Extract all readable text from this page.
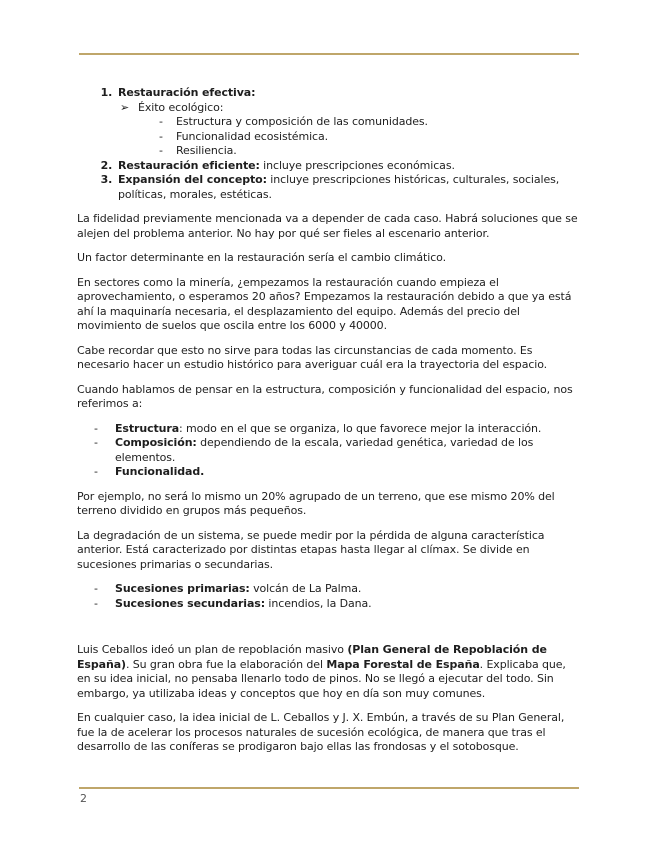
1. Restauración efectiva:
➢ Éxito ecológico:
- Estructura y composición de las comunidades.
- Funcionalidad ecosistémica.
- Resiliencia.
2. Restauración eficiente: incluye prescripciones económicas.
3. Expansión del concepto: incluye prescripciones históricas, culturales, sociales, políticas, morales, estéticas.

La fidelidad previamente mencionada va a depender de cada caso. Habrá soluciones que se alejen del problema anterior. No hay por qué ser fieles al escenario anterior.

Un factor determinante en la restauración sería el cambio climático.

En sectores como la minería, ¿empezamos la restauración cuando empieza el aprovechamiento, o esperamos 20 años? Empezamos la restauración debido a que ya está ahí la maquinaría necesaria, el desplazamiento del equipo. Además del precio del movimiento de suelos que oscila entre los 6000 y 40000.

Cabe recordar que esto no sirve para todas las circunstancias de cada momento. Es necesario hacer un estudio histórico para averiguar cuál era la trayectoria del espacio.

Cuando hablamos de pensar en la estructura, composición y funcionalidad del espacio, nos referimos a:

- Estructura: modo en el que se organiza, lo que favorece mejor la interacción.
- Composición: dependiendo de la escala, variedad genética, variedad de los elementos.
- Funcionalidad.

Por ejemplo, no será lo mismo un 20% agrupado de un terreno, que ese mismo 20% del terreno dividido en grupos más pequeños.

La degradación de un sistema, se puede medir por la pérdida de alguna característica anterior. Está caracterizado por distintas etapas hasta llegar al clímax. Se divide en sucesiones primarias o secundarias.

- Sucesiones primarias: volcán de La Palma.
- Sucesiones secundarias: incendios, la Dana.

Luis Ceballos ideó un plan de repoblación masivo (Plan General de Repoblación de España). Su gran obra fue la elaboración del Mapa Forestal de España. Explicaba que, en su idea inicial, no pensaba llenarlo todo de pinos. No se llegó a ejecutar del todo. Sin embargo, ya utilizaba ideas y conceptos que hoy en día son muy comunes.

En cualquier caso, la idea inicial de L. Ceballos y J. X. Embún, a través de su Plan General, fue la de acelerar los procesos naturales de sucesión ecológica, de manera que tras el desarrollo de las coníferas se prodigaron bajo ellas las frondosas y el sotobosque.

2
